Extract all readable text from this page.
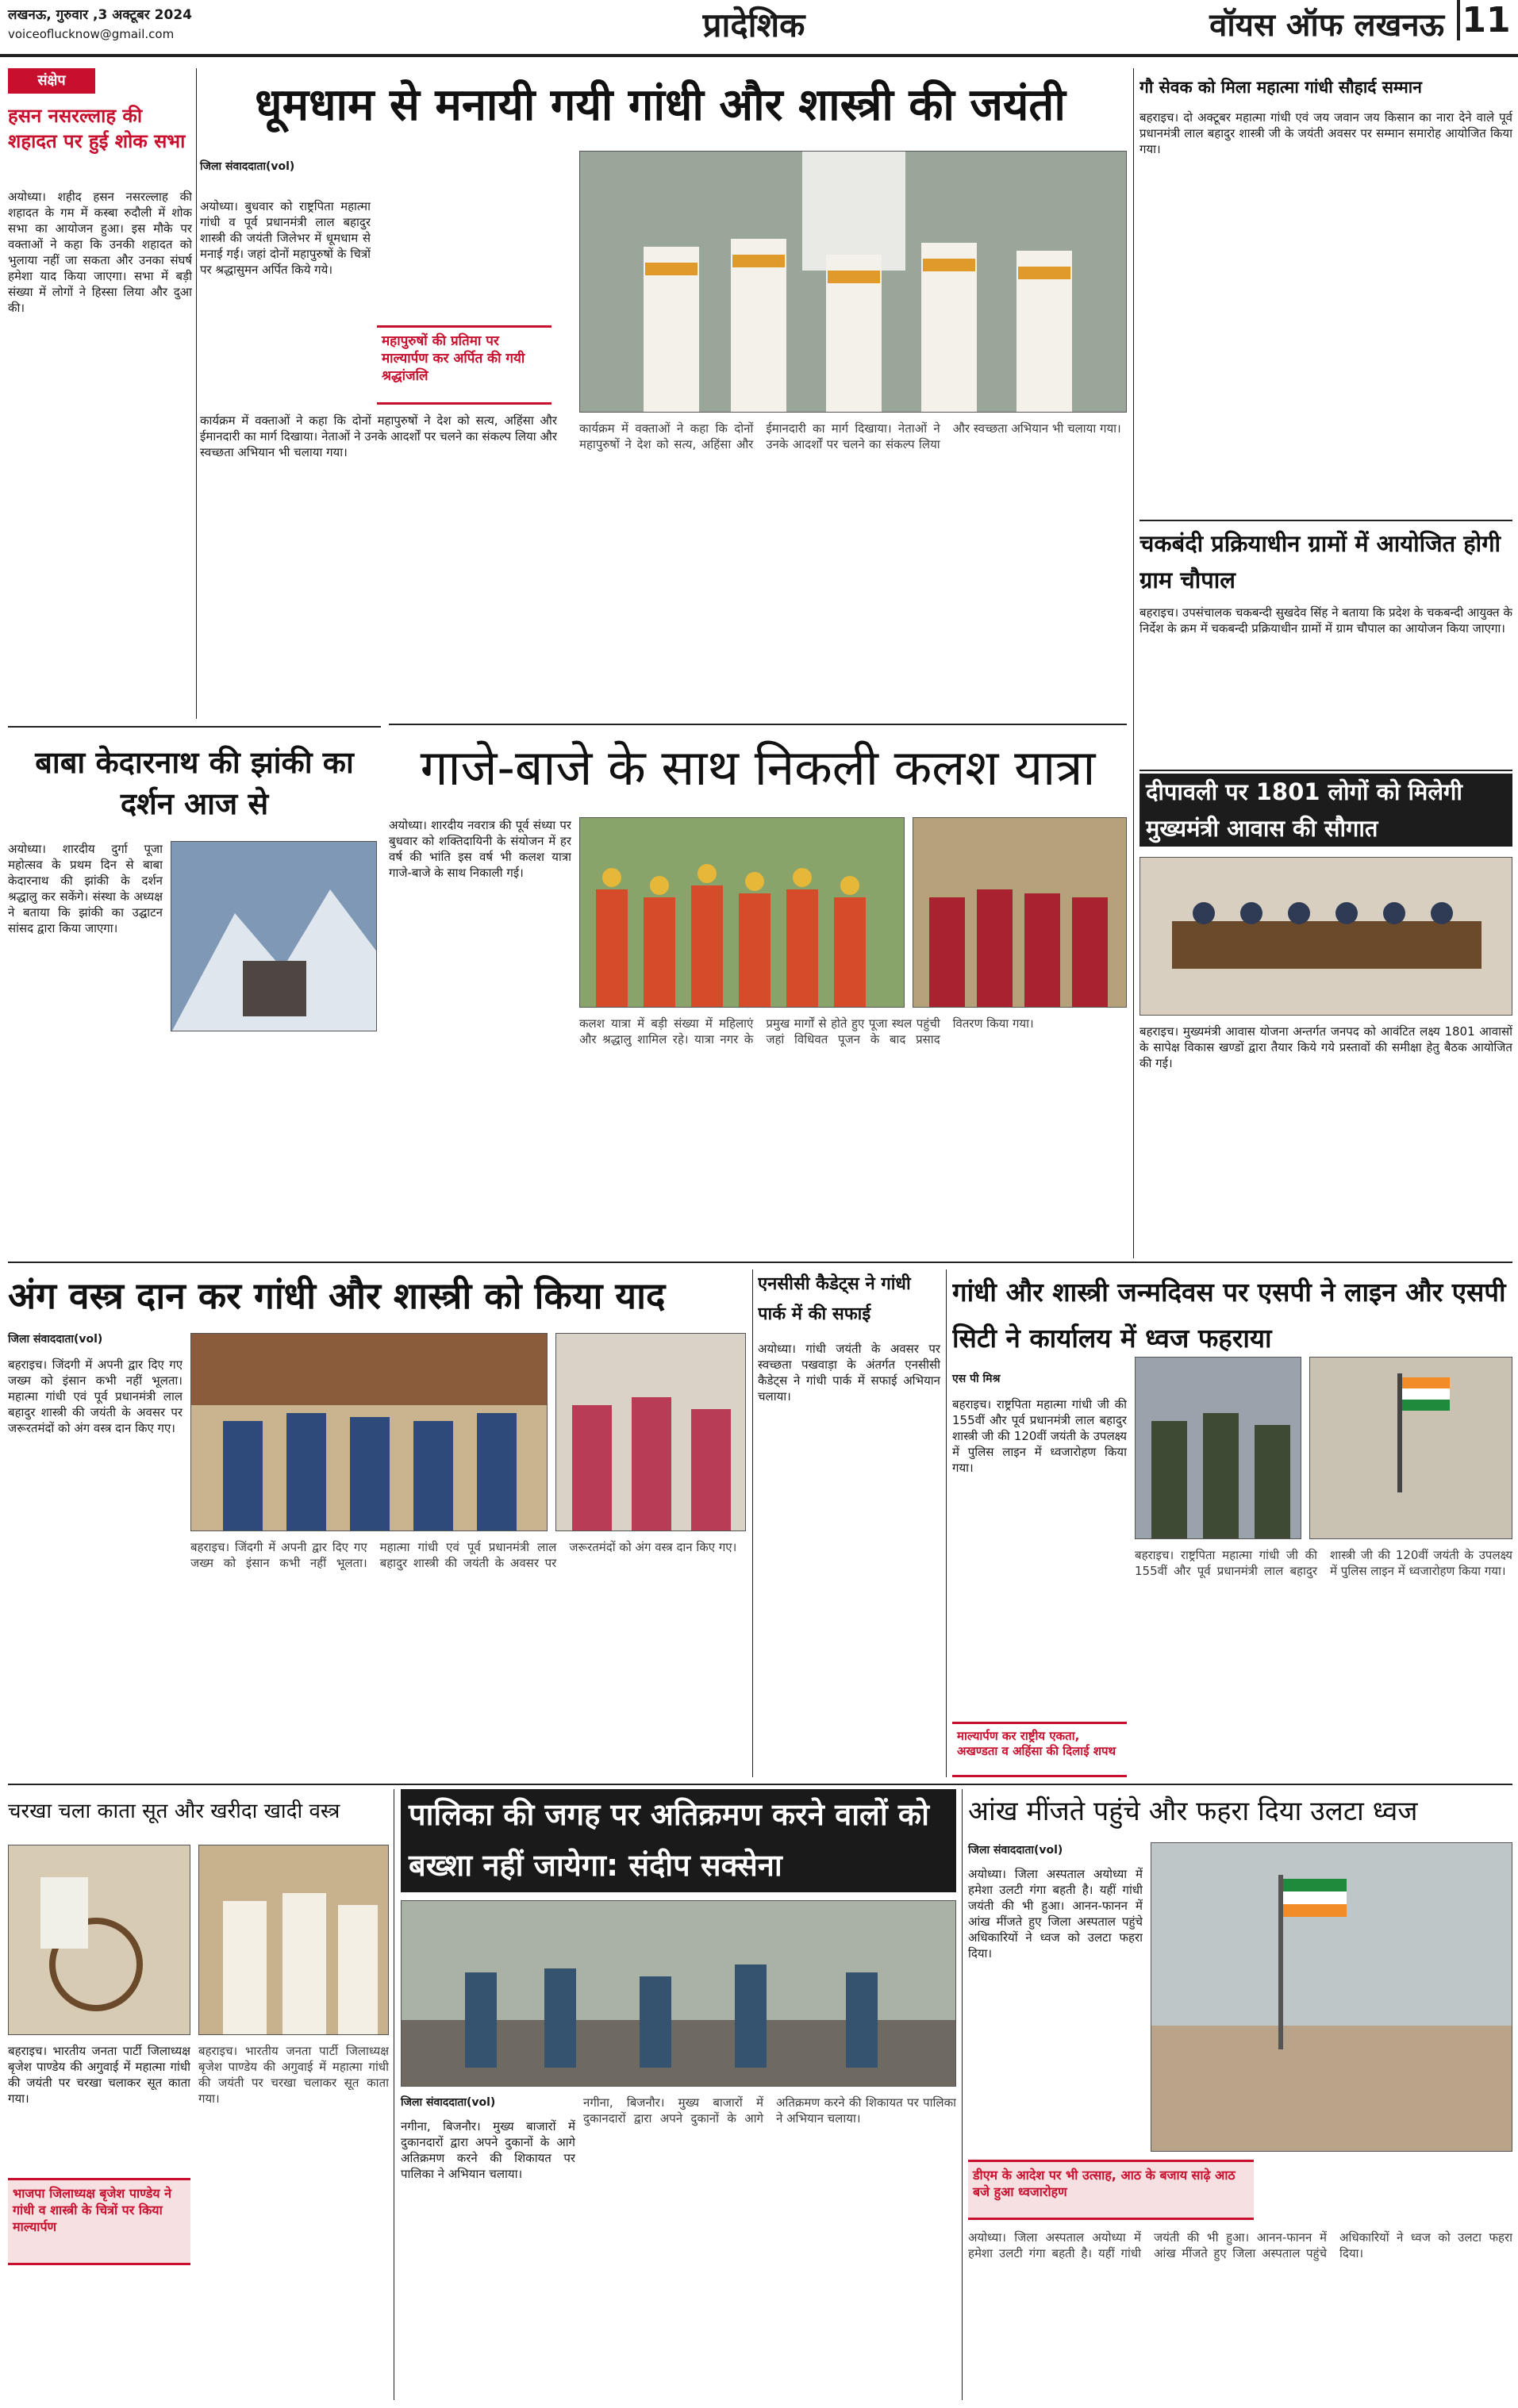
लखनऊ, गुरुवार ,3 अक्टूबर 2024
voiceoflucknow@gmail.com	प्रादेशिक	वॉयस ऑफ लखनऊ 11
संक्षेप
हसन नसरल्लाह की शहादत पर हुई शोक सभा
अयोध्या। शहीद हसन नसरल्लाह की शहादत के गम में कस्बा रुदौली में शोक सभा का आयोजन हुआ। इस मौके पर वक्ताओं ने कहा कि उनकी शहादत को भुलाया नहीं जा सकता और उनका संघर्ष हमेशा याद किया जाएगा। सभा में बड़ी संख्या में लोगों ने हिस्सा लिया और दुआ की।
बाबा केदारनाथ की झांकी का दर्शन आज से
अयोध्या। शारदीय दुर्गा पूजा महोत्सव के प्रथम दिन से बाबा केदारनाथ की झांकी के दर्शन श्रद्धालु कर सकेंगे। संस्था के अध्यक्ष ने बताया कि झांकी का उद्घाटन सांसद द्वारा किया जाएगा।
धूमधाम से मनायी गयी गांधी और शास्त्री की जयंती
जिला संवाददाता(vol)
अयोध्या। बुधवार को राष्ट्रपिता महात्मा गांधी व पूर्व प्रधानमंत्री लाल बहादुर शास्त्री की जयंती जिलेभर में धूमधाम से मनाई गई। जहां दोनों महापुरुषों के चित्रों पर श्रद्धासुमन अर्पित किये गये।
महापुरुषों की प्रतिमा पर माल्यार्पण कर अर्पित की गयी श्रद्धांजलि
कार्यक्रम में वक्ताओं ने कहा कि दोनों महापुरुषों ने देश को सत्य, अहिंसा और ईमानदारी का मार्ग दिखाया। नेताओं ने उनके आदर्शों पर चलने का संकल्प लिया और स्वच्छता अभियान भी चलाया गया।
कार्यक्रम में वक्ताओं ने कहा कि दोनों महापुरुषों ने देश को सत्य, अहिंसा और ईमानदारी का मार्ग दिखाया। नेताओं ने उनके आदर्शों पर चलने का संकल्प लिया और स्वच्छता अभियान भी चलाया गया।
गौ सेवक को मिला महात्मा गांधी सौहार्द सम्मान
बहराइच। दो अक्टूबर महात्मा गांधी एवं जय जवान जय किसान का नारा देने वाले पूर्व प्रधानमंत्री लाल बहादुर शास्त्री जी के जयंती अवसर पर सम्मान समारोह आयोजित किया गया।
चकबंदी प्रक्रियाधीन ग्रामों में आयोजित होगी ग्राम चौपाल
बहराइच। उपसंचालक चकबन्दी सुखदेव सिंह ने बताया कि प्रदेश के चकबन्दी आयुक्त के निर्देश के क्रम में चकबन्दी प्रक्रियाधीन ग्रामों में ग्राम चौपाल का आयोजन किया जाएगा।
दीपावली पर 1801 लोगों को मिलेगी मुख्यमंत्री आवास की सौगात
बहराइच। मुख्यमंत्री आवास योजना अन्तर्गत जनपद को आवंटित लक्ष्य 1801 आवासों के सापेक्ष विकास खण्डों द्वारा तैयार किये गये प्रस्तावों की समीक्षा हेतु बैठक आयोजित की गई।
गाजे-बाजे के साथ निकली कलश यात्रा
अयोध्या। शारदीय नवरात्र की पूर्व संध्या पर बुधवार को शक्तिदायिनी के संयोजन में हर वर्ष की भांति इस वर्ष भी कलश यात्रा गाजे-बाजे के साथ निकाली गई।
कलश यात्रा में बड़ी संख्या में महिलाएं और श्रद्धालु शामिल रहे। यात्रा नगर के प्रमुख मार्गों से होते हुए पूजा स्थल पहुंची जहां विधिवत पूजन के बाद प्रसाद वितरण किया गया।
अंग वस्त्र दान कर गांधी और शास्त्री को किया याद
जिला संवाददाता(vol)
बहराइच। जिंदगी में अपनी द्वार दिए गए जख्म को इंसान कभी नहीं भूलता। महात्मा गांधी एवं पूर्व प्रधानमंत्री लाल बहादुर शास्त्री की जयंती के अवसर पर जरूरतमंदों को अंग वस्त्र दान किए गए।
बहराइच। जिंदगी में अपनी द्वार दिए गए जख्म को इंसान कभी नहीं भूलता। महात्मा गांधी एवं पूर्व प्रधानमंत्री लाल बहादुर शास्त्री की जयंती के अवसर पर जरूरतमंदों को अंग वस्त्र दान किए गए।
एनसीसी कैडेट्स ने गांधी पार्क में की सफाई
अयोध्या। गांधी जयंती के अवसर पर स्वच्छता पखवाड़ा के अंतर्गत एनसीसी कैडेट्स ने गांधी पार्क में सफाई अभियान चलाया।
गांधी और शास्त्री जन्मदिवस पर एसपी ने लाइन और एसपी सिटी ने कार्यालय में ध्वज फहराया
एस पी मिश्र
बहराइच। राष्ट्रपिता महात्मा गांधी जी की 155वीं और पूर्व प्रधानमंत्री लाल बहादुर शास्त्री जी की 120वीं जयंती के उपलक्ष्य में पुलिस लाइन में ध्वजारोहण किया गया।
माल्यार्पण कर राष्ट्रीय एकता, अखण्डता व अहिंसा की दिलाई शपथ
बहराइच। राष्ट्रपिता महात्मा गांधी जी की 155वीं और पूर्व प्रधानमंत्री लाल बहादुर शास्त्री जी की 120वीं जयंती के उपलक्ष्य में पुलिस लाइन में ध्वजारोहण किया गया।
चरखा चला काता सूत और खरीदा खादी वस्त्र
बहराइच। भारतीय जनता पार्टी जिलाध्यक्ष बृजेश पाण्डेय की अगुवाई में महात्मा गांधी की जयंती पर चरखा चलाकर सूत काता गया।
भाजपा जिलाध्यक्ष बृजेश पाण्डेय ने गांधी व शास्त्री के चित्रों पर किया माल्यार्पण
बहराइच। भारतीय जनता पार्टी जिलाध्यक्ष बृजेश पाण्डेय की अगुवाई में महात्मा गांधी की जयंती पर चरखा चलाकर सूत काता गया।
पालिका की जगह पर अतिक्रमण करने वालों को बख्शा नहीं जायेगा: संदीप सक्सेना
जिला संवाददाता(vol)
नगीना, बिजनौर। मुख्य बाजारों में दुकानदारों द्वारा अपने दुकानों के आगे अतिक्रमण करने की शिकायत पर पालिका ने अभियान चलाया।
नगीना, बिजनौर। मुख्य बाजारों में दुकानदारों द्वारा अपने दुकानों के आगे अतिक्रमण करने की शिकायत पर पालिका ने अभियान चलाया।
आंख मींजते पहुंचे और फहरा दिया उलटा ध्वज
जिला संवाददाता(vol)
अयोध्या। जिला अस्पताल अयोध्या में हमेशा उलटी गंगा बहती है। यहीं गांधी जयंती की भी हुआ। आनन-फानन में आंख मींजते हुए जिला अस्पताल पहुंचे अधिकारियों ने ध्वज को उलटा फहरा दिया।
डीएम के आदेश पर भी उत्साह, आठ के बजाय साढ़े आठ बजे हुआ ध्वजारोहण
अयोध्या। जिला अस्पताल अयोध्या में हमेशा उलटी गंगा बहती है। यहीं गांधी जयंती की भी हुआ। आनन-फानन में आंख मींजते हुए जिला अस्पताल पहुंचे अधिकारियों ने ध्वज को उलटा फहरा दिया।
